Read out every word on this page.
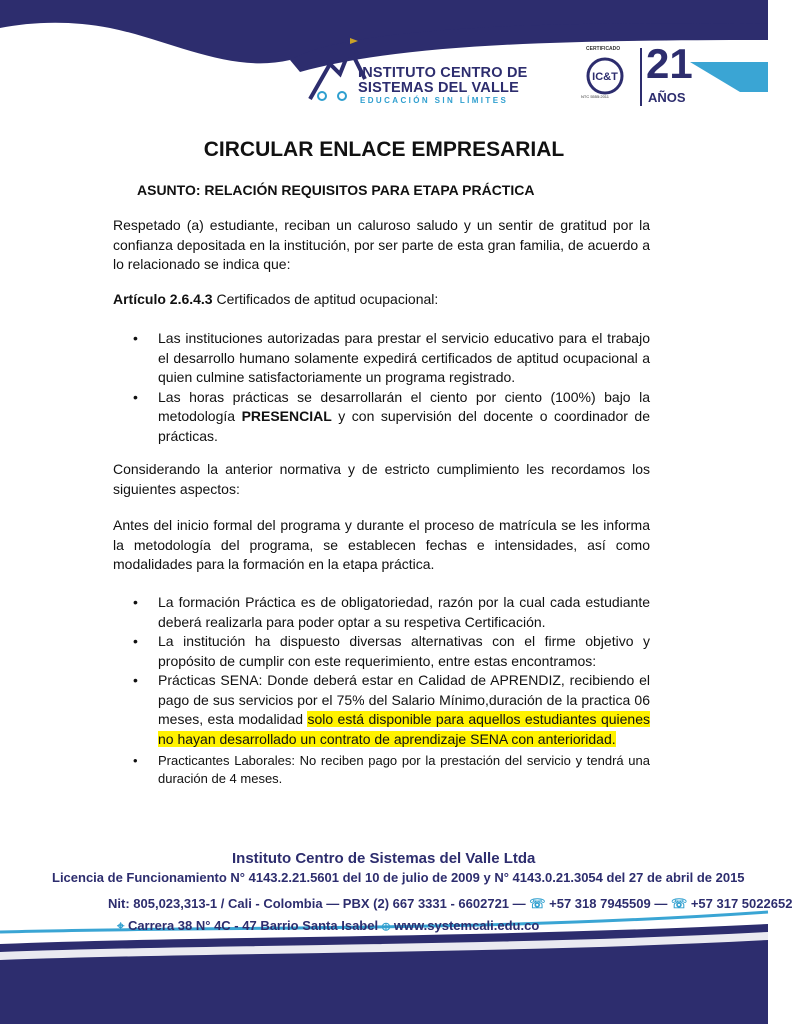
INSTITUTO CENTRO DE
SISTEMAS DEL VALLE
EDUCACIÓN SIN LÍMITES
IC&T
CERTIFICADO
NTC 5555:2011
21
AÑOS
CIRCULAR ENLACE EMPRESARIAL
ASUNTO: RELACIÓN REQUISITOS PARA ETAPA PRÁCTICA
Respetado (a) estudiante, reciban un caluroso saludo y un sentir de gratitud por la confianza depositada en la institución, por ser parte de esta gran familia, de acuerdo a lo relacionado se indica que:
Artículo 2.6.4.3 Certificados de aptitud ocupacional:
• Las instituciones autorizadas para prestar el servicio educativo para el trabajo el desarrollo humano solamente expedirá certificados de aptitud ocupacional a quien culmine satisfactoriamente un programa registrado.
• Las horas prácticas se desarrollarán el ciento por ciento (100%) bajo la metodología PRESENCIAL y con supervisión del docente o coordinador de prácticas.
Considerando la anterior normativa y de estricto cumplimiento les recordamos los siguientes aspectos:
Antes del inicio formal del programa y durante el proceso de matrícula se les informa la metodología del programa, se establecen fechas e intensidades, así como modalidades para la formación en la etapa práctica.
• La formación Práctica es de obligatoriedad, razón por la cual cada estudiante deberá realizarla para poder optar a su respetiva Certificación.
• La institución ha dispuesto diversas alternativas con el firme objetivo y propósito de cumplir con este requerimiento, entre estas encontramos:
• Prácticas SENA: Donde deberá estar en Calidad de APRENDIZ, recibiendo el pago de sus servicios por el 75% del Salario Mínimo,duración de la practica 06 meses, esta modalidad solo está disponible para aquellos estudiantes quienes no hayan desarrollado un contrato de aprendizaje SENA con anterioridad.
• Practicantes Laborales: No reciben pago por la prestación del servicio y tendrá una duración de 4 meses.
Instituto Centro de Sistemas del Valle Ltda
Licencia de Funcionamiento N° 4143.2.21.5601 del 10 de julio de 2009 y N° 4143.0.21.3054 del 27 de abril de 2015
Nit: 805,023,313-1 / Cali - Colombia — PBX (2) 667 3331 - 6602721 — ☏ +57 318 7945509 — ☏ +57 317 5022652
⌖ Carrera 38 N° 4C - 47 Barrio Santa Isabel ⊕ www.systemcali.edu.co
